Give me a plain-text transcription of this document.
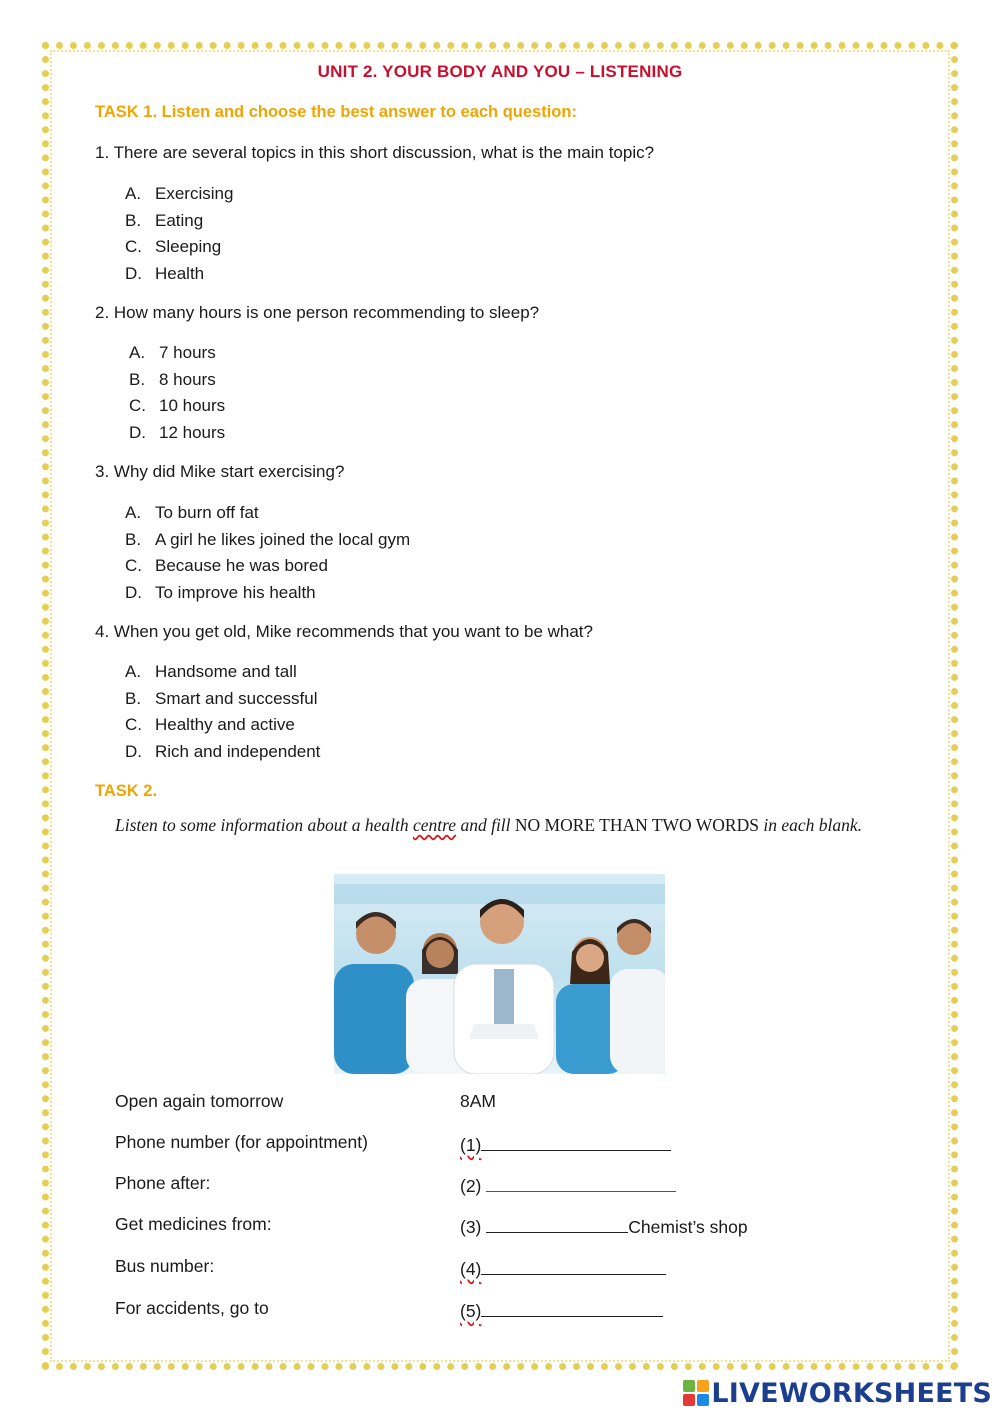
UNIT 2. YOUR BODY AND YOU – LISTENING
TASK 1. Listen and choose the best answer to each question:
1. There are several topics in this short discussion, what is the main topic?
A. Exercising
B. Eating
C. Sleeping
D. Health
2. How many hours is one person recommending to sleep?
A. 7 hours
B. 8 hours
C. 10 hours
D. 12 hours
3. Why did Mike start exercising?
A. To burn off fat
B. A girl he likes joined the local gym
C. Because he was bored
D. To improve his health
4. When you get old, Mike recommends that you want to be what?
A. Handsome and tall
B. Smart and successful
C. Healthy and active
D. Rich and independent
TASK 2.
Listen to some information about a health centre and fill NO MORE THAN TWO WORDS in each blank.
Open again tomorrow	8AM
Phone number (for appointment)	(1)
Phone after:	(2)
Get medicines from:	(3)	Chemist’s shop
Bus number:	(4)
For accidents, go to	(5)
LIVEWORKSHEETS
